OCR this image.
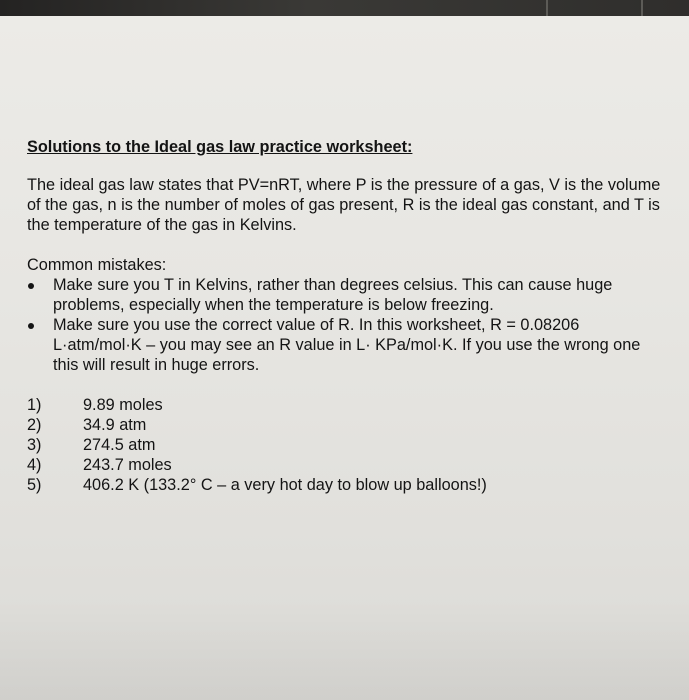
Solutions to the Ideal gas law practice worksheet:

The ideal gas law states that PV=nRT, where P is the pressure of a gas, V is the volume of the gas, n is the number of moles of gas present, R is the ideal gas constant, and T is the temperature of the gas in Kelvins.

Common mistakes:

Make sure you T in Kelvins, rather than degrees celsius. This can cause huge problems, especially when the temperature is below freezing.
Make sure you use the correct value of R. In this worksheet, R = 0.08206 L·atm/mol·K – you may see an R value in L· KPa/mol·K. If you use the wrong one this will result in huge errors.
1)	9.89 moles
2)	34.9 atm
3)	274.5 atm
4)	243.7 moles
5)	406.2 K (133.2° C – a very hot day to blow up balloons!)
